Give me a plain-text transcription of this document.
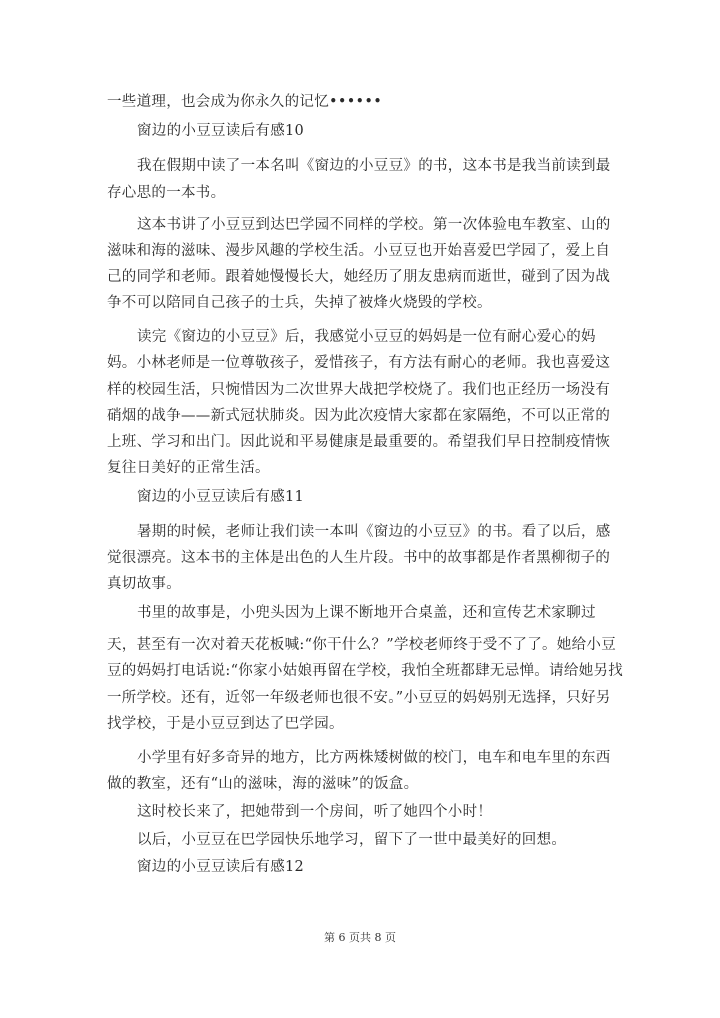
一些道理，也会成为你永久的记忆••••••
窗边的小豆豆读后有感10
我在假期中读了一本名叫《窗边的小豆豆》的书，这本书是我当前读到最
存心思的一本书。
这本书讲了小豆豆到达巴学园不同样的学校。第一次体验电车教室、山的
滋味和海的滋味、漫步风趣的学校生活。小豆豆也开始喜爱巴学园了，爱上自
己的同学和老师。跟着她慢慢长大，她经历了朋友患病而逝世，碰到了因为战
争不可以陪同自己孩子的士兵，失掉了被烽火烧毁的学校。
读完《窗边的小豆豆》后，我感觉小豆豆的妈妈是一位有耐心爱心的妈
妈。小林老师是一位尊敬孩子，爱惜孩子，有方法有耐心的老师。我也喜爱这
样的校园生活，只惋惜因为二次世界大战把学校烧了。我们也正经历一场没有
硝烟的战争——新式冠状肺炎。因为此次疫情大家都在家隔绝，不可以正常的
上班、学习和出门。因此说和平易健康是最重要的。希望我们早日控制疫情恢
复往日美好的正常生活。
窗边的小豆豆读后有感11
暑期的时候，老师让我们读一本叫《窗边的小豆豆》的书。看了以后，感
觉很漂亮。这本书的主体是出色的人生片段。书中的故事都是作者黑柳彻子的
真切故事。
书里的故事是，小兜头因为上课不断地开合桌盖，还和宣传艺术家聊过
天，甚至有一次对着天花板喊:“你干什么？”学校老师终于受不了了。她给小豆
豆的妈妈打电话说:“你家小姑娘再留在学校，我怕全班都肆无忌惮。请给她另找
一所学校。还有，近邻一年级老师也很不安。”小豆豆的妈妈别无选择，只好另
找学校，于是小豆豆到达了巴学园。
小学里有好多奇异的地方，比方两株矮树做的校门，电车和电车里的东西
做的教室，还有“山的滋味，海的滋味”的饭盒。
这时校长来了，把她带到一个房间，听了她四个小时！
以后，小豆豆在巴学园快乐地学习，留下了一世中最美好的回想。
窗边的小豆豆读后有感12
第 6 页共 8 页
